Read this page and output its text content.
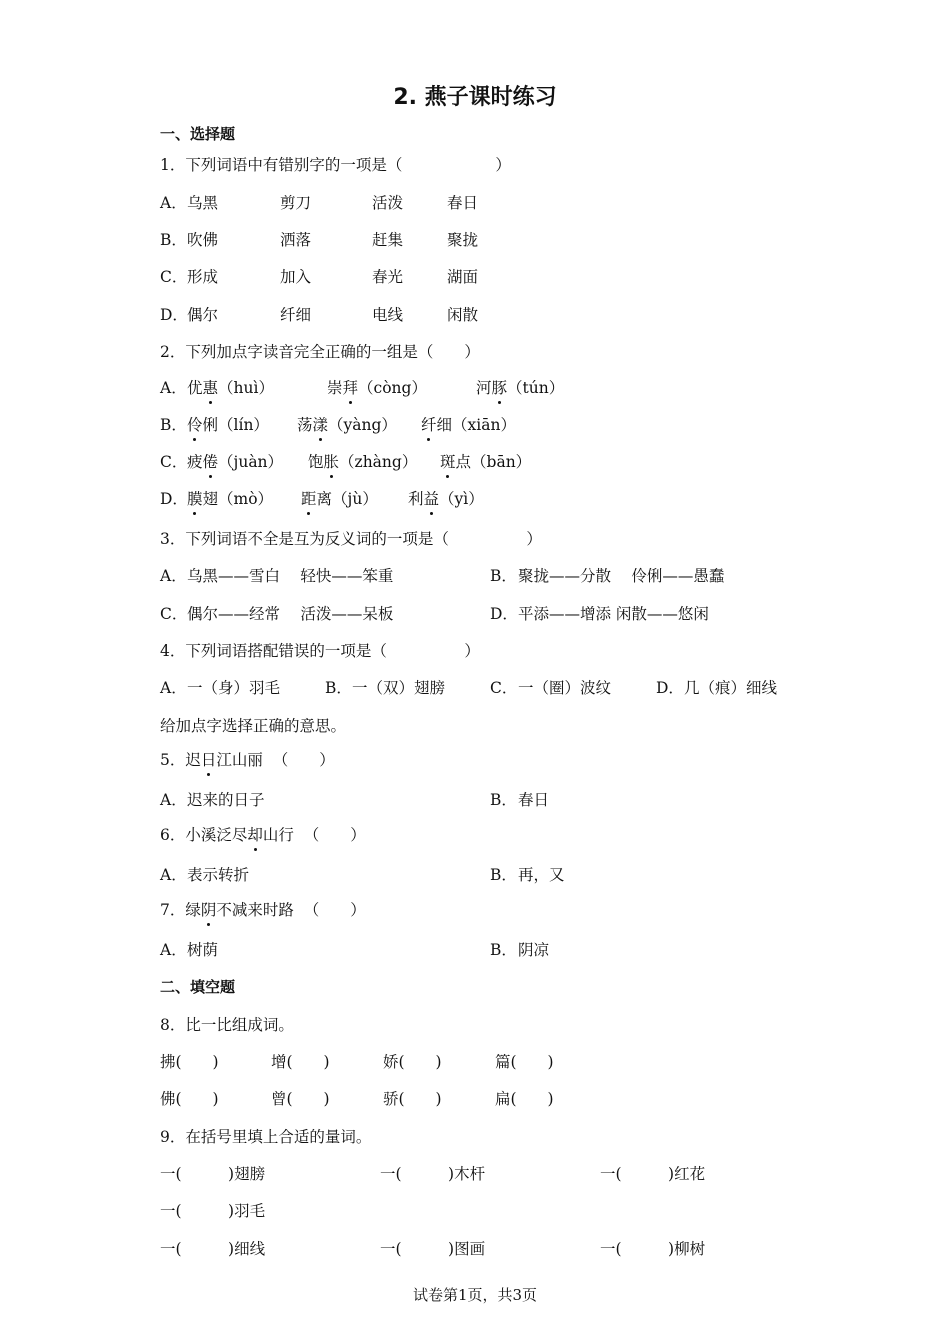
2. 燕子课时练习
一、选择题
1．下列词语中有错别字的一项是（　　　　　　）
A． 乌黑	剪刀	活泼	春日
B． 吹佛	洒落	赶集	聚拢
C． 形成	加入	春光	湖面
D． 偶尔	纤细	电线	闲散
2．下列加点字读音完全正确的一组是（　　）
A． 优惠（huì）	崇拜（còng）	河豚（tún）
B． 伶俐（lín） 荡漾（yàng） 纤细（xiān）
C． 疲倦（juàn） 饱胀（zhàng） 斑点（bān）
D． 膜翅（mò） 距离（jù） 利益（yì）
3．下列词语不全是互为反义词的一项是（　　　　　）
A． 乌黑——雪白　 轻快——笨重	B． 聚拢——分散　 伶俐——愚蠢
C． 偶尔——经常　 活泼——呆板	D． 平添——增添 闲散——悠闲
4．下列词语搭配错误的一项是（　　　　　）
A． 一（身）羽毛	B． 一（双）翅膀	C． 一（圈）波纹	D． 几（痕）细线
给加点字选择正确的意思。
5．迟日江山丽 （　　）
A． 迟来的日子	B． 春日
6．小溪泛尽却山行 （　　）
A． 表示转折	B． 再，又
7．绿阴不减来时路 （　　）
A． 树荫	B． 阴凉
二、填空题
8．比一比组成词。
拂(　　)	增(　　)	娇(　　)	篇(　　)
佛(　　)	曾(　　)	骄(　　)	扁(　　)
9．在括号里填上合适的量词。
一(　　　)翅膀	一(　　　)木杆	一(　　　)红花
一(　　　)羽毛
一(　　　)细线	一(　　　)图画	一(　　　)柳树
试卷第1页，共3页
